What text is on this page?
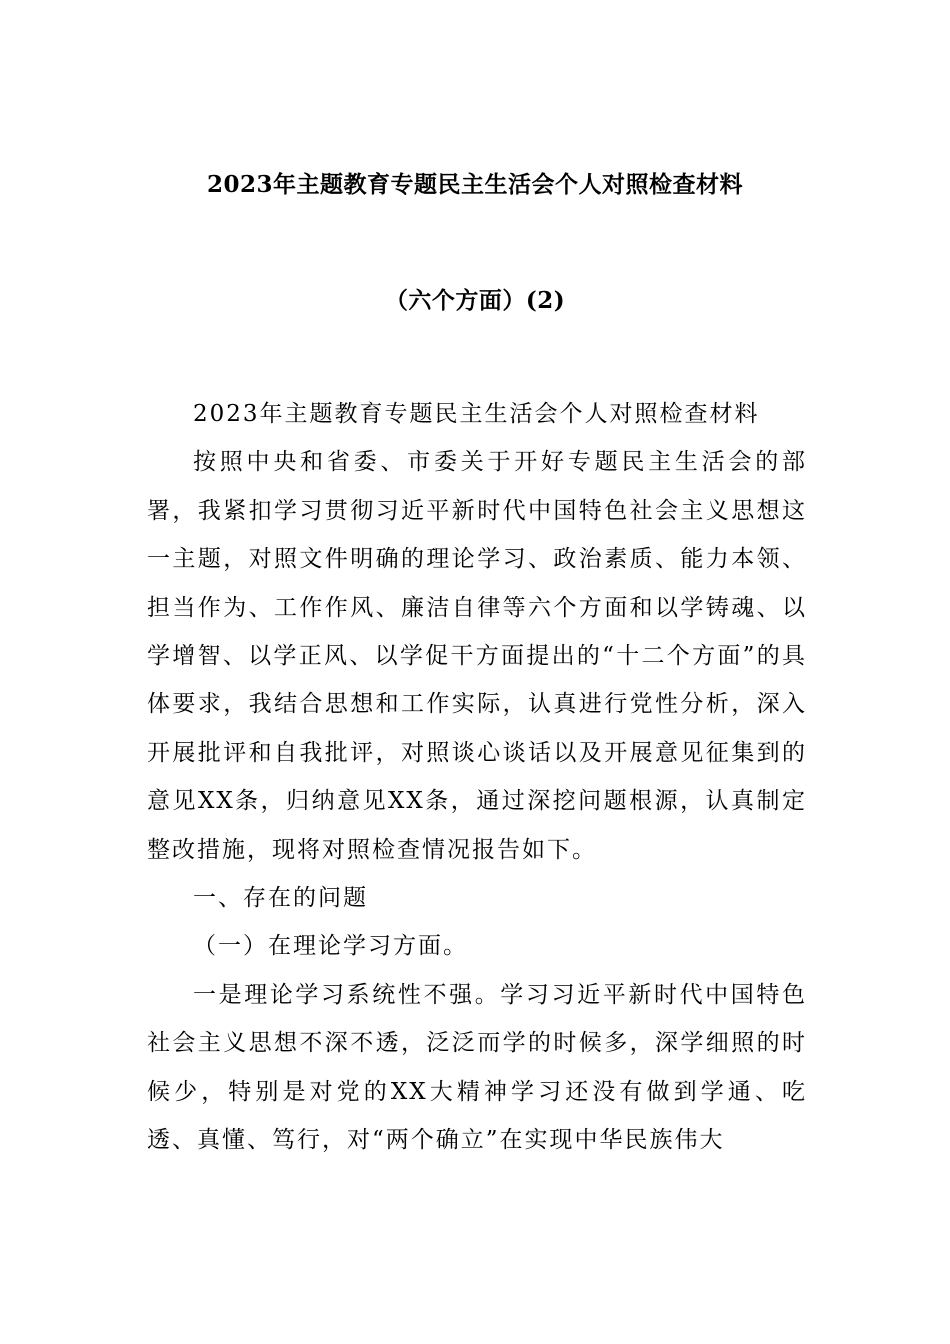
2023年主题教育专题民主生活会个人对照检查材料
（六个方面）(2)

2023年主题教育专题民主生活会个人对照检查材料

按照中央和省委、市委关于开好专题民主生活会的部署，我紧扣学习贯彻习近平新时代中国特色社会主义思想这一主题，对照文件明确的理论学习、政治素质、能力本领、担当作为、工作作风、廉洁自律等六个方面和以学铸魂、以学增智、以学正风、以学促干方面提出的“十二个方面”的具体要求，我结合思想和工作实际，认真进行党性分析，深入开展批评和自我批评，对照谈心谈话以及开展意见征集到的意见XX条，归纳意见XX条，通过深挖问题根源，认真制定整改措施，现将对照检查情况报告如下。

一、存在的问题

（一）在理论学习方面。

一是理论学习系统性不强。学习习近平新时代中国特色社会主义思想不深不透，泛泛而学的时候多，深学细照的时候少，特别是对党的XX大精神学习还没有做到学通、吃透、真懂、笃行，对“两个确立”在实现中华民族伟大
